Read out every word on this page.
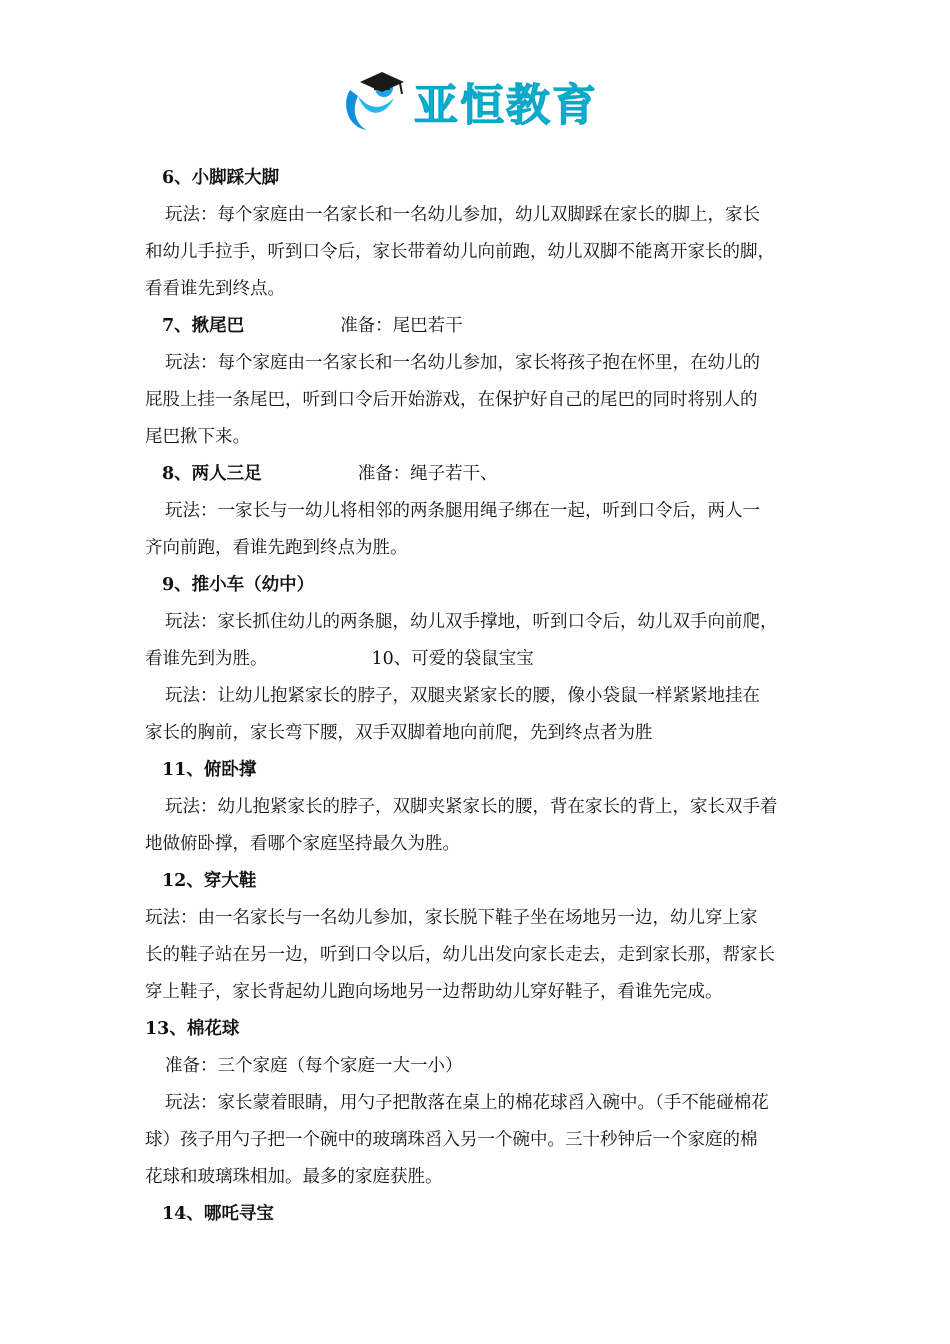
亚恒教育
6、小脚踩大脚
玩法：每个家庭由一名家长和一名幼儿参加，幼儿双脚踩在家长的脚上，家长
和幼儿手拉手，听到口令后，家长带着幼儿向前跑，幼儿双脚不能离开家长的脚，
看看谁先到终点。
7、揪尾巴	准备：尾巴若干
玩法：每个家庭由一名家长和一名幼儿参加，家长将孩子抱在怀里，在幼儿的
屁股上挂一条尾巴，听到口令后开始游戏，在保护好自己的尾巴的同时将别人的
尾巴揪下来。
8、两人三足	准备：绳子若干、
玩法：一家长与一幼儿将相邻的两条腿用绳子绑在一起，听到口令后，两人一
齐向前跑，看谁先跑到终点为胜。
9、推小车（幼中）
玩法：家长抓住幼儿的两条腿，幼儿双手撑地，听到口令后，幼儿双手向前爬，
看谁先到为胜。	10、可爱的袋鼠宝宝
玩法：让幼儿抱紧家长的脖子，双腿夹紧家长的腰，像小袋鼠一样紧紧地挂在
家长的胸前，家长弯下腰，双手双脚着地向前爬，先到终点者为胜
11、俯卧撑
玩法：幼儿抱紧家长的脖子，双脚夹紧家长的腰，背在家长的背上，家长双手着
地做俯卧撑，看哪个家庭坚持最久为胜。
12、穿大鞋
玩法：由一名家长与一名幼儿参加，家长脱下鞋子坐在场地另一边，幼儿穿上家
长的鞋子站在另一边，听到口令以后，幼儿出发向家长走去，走到家长那，帮家长
穿上鞋子，家长背起幼儿跑向场地另一边帮助幼儿穿好鞋子，看谁先完成。
13、棉花球
准备：三个家庭（每个家庭一大一小）
玩法：家长蒙着眼睛，用勺子把散落在桌上的棉花球舀入碗中。（手不能碰棉花
球）孩子用勺子把一个碗中的玻璃珠舀入另一个碗中。三十秒钟后一个家庭的棉
花球和玻璃珠相加。最多的家庭获胜。
14、哪吒寻宝
